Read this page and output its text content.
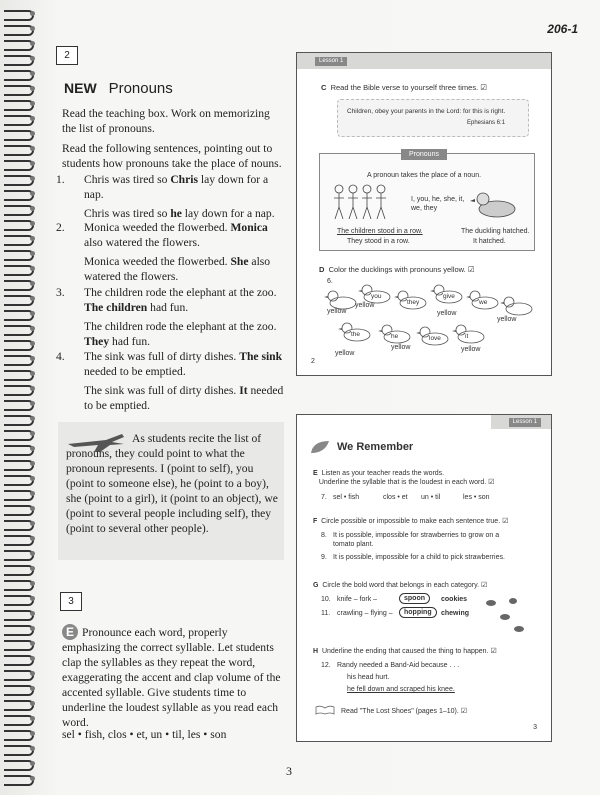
206-1
2
NEW Pronouns
Read the teaching box. Work on memorizing the list of pronouns.
Read the following sentences, pointing out to students how pronouns take the place of nouns.
1. Chris was tired so Chris lay down for a nap.
Chris was tired so he lay down for a nap.
2. Monica weeded the flowerbed. Monica also watered the flowers.
Monica weeded the flowerbed. She also watered the flowers.
3. The children rode the elephant at the zoo. The children had fun.
The children rode the elephant at the zoo. They had fun.
4. The sink was full of dirty dishes. The sink needed to be emptied.
The sink was full of dirty dishes. It needed to be emptied.
As students recite the list of pronouns, they could point to what the pronoun represents. I (point to self), you (point to someone else), he (point to a boy), she (point to a girl), it (point to an object), we (point to several people including self), they (point to several other people).
3
E Pronounce each word, properly emphasizing the correct syllable. Let students clap the syllables as they repeat the word, exaggerating the accent and clap volume of the accented syllable. Give students time to underline the loudest syllable as you read each word.
sel • fish, clos • et, un • til, les • son
Lesson 1
C Read the Bible verse to yourself three times. ☑
Children, obey your parents in the Lord: for this is right.
Ephesians 6:1
Pronouns
A pronoun takes the place of a noun.
I, you, he, she, it, we, they
The children stood in a row.
They stood in a row.
The duckling hatched.
It hatched.
D Color the ducklings with pronouns yellow. ☑
6.
2
you
they
give
we
the	he	love	it
yellow
yellow
yellow
yellow
yellow
yellow	yellow
Lesson 1
We Remember
E Listen as your teacher reads the words.
Underline the syllable that is the loudest in each word. ☑
7. sel • fish	clos • et un • til	les • son
F Circle possible or impossible to make each sentence true. ☑
8. It is possible, impossible for strawberries to grow on a tomato plant.
9. It is possible, impossible for a child to pick strawberries.
G Circle the bold word that belongs in each category. ☑
10. knife – fork –	spoon	cookies
11. crawling – flying –	hopping	chewing
H Underline the ending that caused the thing to happen. ☑
12. Randy needed a Band-Aid because . . .
his head hurt.
he fell down and scraped his knee.
Read "The Lost Shoes" (pages 1–10). ☑
3
3
